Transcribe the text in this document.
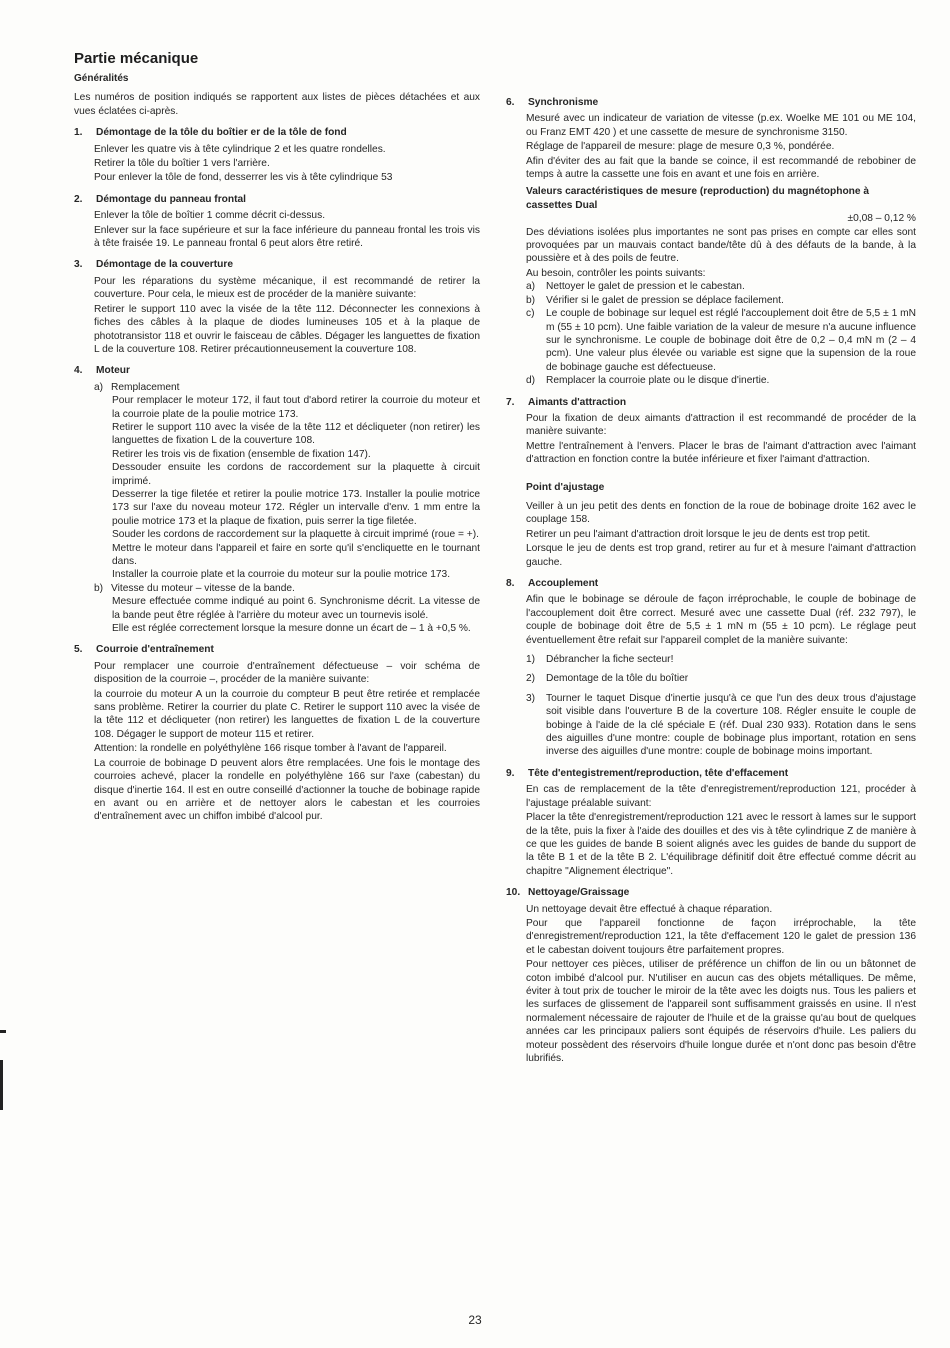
Partie mécanique
Généralités

Les numéros de position indiqués se rapportent aux listes de pièces détachées et aux vues éclatées ci-après.

1. Démontage de la tôle du boîtier er de la tôle de fond

Enlever les quatre vis à tête cylindrique 2 et les quatre rondelles.

Retirer la tôle du boîtier 1 vers l'arrière.

Pour enlever la tôle de fond, desserrer les vis à tête cylindrique 53

2. Démontage du panneau frontal

Enlever la tôle de boîtier 1 comme décrit ci-dessus.

Enlever sur la face supérieure et sur la face inférieure du panneau frontal les trois vis à tête fraisée 19. Le panneau frontal 6 peut alors être retiré.

3. Démontage de la couverture

Pour les réparations du système mécanique, il est recommandé de retirer la couverture. Pour cela, le mieux est de procéder de la manière suivante:

Retirer le support 110 avec la visée de la tête 112. Déconnecter les connexions à fiches des câbles à la plaque de diodes lumineuses 105 et à la plaque de phototransistor 118 et ouvrir le faisceau de câbles. Dégager les languettes de fixation L de la couverture 108. Retirer précautionneusement la couverture 108.

4. Moteur
a) Remplacement

Pour remplacer le moteur 172, il faut tout d'abord retirer la courroie du moteur et la courroie plate de la poulie motrice 173.

Retirer le support 110 avec la visée de la tête 112 et décliqueter (non retirer) les languettes de fixation L de la couverture 108.

Retirer les trois vis de fixation (ensemble de fixation 147).

Dessouder ensuite les cordons de raccordement sur la plaquette à circuit imprimé.

Desserrer la tige filetée et retirer la poulie motrice 173. Installer la poulie motrice 173 sur l'axe du noveau moteur 172. Régler un intervalle d'env. 1 mm entre la poulie motrice 173 et la plaque de fixation, puis serrer la tige filetée.

Souder les cordons de raccordement sur la plaquette à circuit imprimé (roue = +).

Mettre le moteur dans l'appareil et faire en sorte qu'il s'encliquette en le tournant dans.

Installer la courroie plate et la courroie du moteur sur la poulie motrice 173.

b) Vitesse du moteur – vitesse de la bande.

Mesure effectuée comme indiqué au point 6. Synchronisme décrit. La vitesse de la bande peut être réglée à l'arrière du moteur avec un tournevis isolé.

Elle est réglée correctement lorsque la mesure donne un écart de – 1 à +0,5 %.

5. Courroie d'entraînement

Pour remplacer une courroie d'entraînement défectueuse – voir schéma de disposition de la courroie –, procéder de la manière suivante:

la courroie du moteur A un la courroie du compteur B peut être retirée et remplacée sans problème. Retirer la courrier du plate C. Retirer le support 110 avec la visée de la tête 112 et décliqueter (non retirer) les languettes de fixation L de la couverture 108. Dégager le support de moteur 115 et retirer.

Attention: la rondelle en polyéthylène 166 risque tomber à l'avant de l'appareil.

La courroie de bobinage D peuvent alors être remplacées. Une fois le montage des courroies achevé, placer la rondelle en polyéthylène 166 sur l'axe (cabestan) du disque d'inertie 164. Il est en outre conseillé d'actionner la touche de bobinage rapide en avant ou en arrière et de nettoyer alors le cabestan et les courroies d'entraînement avec un chiffon imbibé d'alcool pur.

6. Synchronisme

Mesuré avec un indicateur de variation de vitesse (p.ex. Woelke ME 101 ou ME 104, ou Franz EMT 420 ) et une cassette de mesure de synchronisme 3150.

Réglage de l'appareil de mesure: plage de mesure 0,3 %, pondérée.

Afin d'éviter des au fait que la bande se coince, il est recommandé de rebobiner de temps à autre la cassette une fois en avant et une fois en arrière.

Valeurs caractéristiques de mesure (reproduction) du magnétophone à cassettes Dual
±0,08 – 0,12 %

Des déviations isolées plus importantes ne sont pas prises en compte car elles sont provoquées par un mauvais contact bande/tête dû à des défauts de la bande, à la poussière et à des poils de feutre.

Au besoin, contrôler les points suivants:

a)	Nettoyer le galet de pression et le cabestan.
b)	Vérifier si le galet de pression se déplace facilement.
c)	Le couple de bobinage sur lequel est réglé l'accouplement doit être de 5,5 ± 1 mN m (55 ± 10 pcm). Une faible variation de la valeur de mesure n'a aucune influence sur le synchronisme. Le couple de bobinage doit être de 0,2 – 0,4 mN m (2 – 4 pcm). Une valeur plus élevée ou variable est signe que la supension de la roue de bobinage gauche est défectueuse.
d)	Remplacer la courroie plate ou le disque d'inertie.
7. Aimants d'attraction

Pour la fixation de deux aimants d'attraction il est recommandé de procéder de la manière suivante:

Mettre l'entraînement à l'envers. Placer le bras de l'aimant d'attraction avec l'aimant d'attraction en fonction contre la butée inférieure et fixer l'aimant d'attraction.

Point d'ajustage

Veiller à un jeu petit des dents en fonction de la roue de bobinage droite 162 avec le couplage 158.

Retirer un peu l'aimant d'attraction droit lorsque le jeu de dents est trop petit.

Lorsque le jeu de dents est trop grand, retirer au fur et à mesure l'aimant d'attraction gauche.

8. Accouplement

Afin que le bobinage se déroule de façon irréprochable, le couple de bobinage de l'accouplement doit être correct. Mesuré avec une cassette Dual (réf. 232 797), le couple de bobinage doit être de 5,5 ± 1 mN m (55 ± 10 pcm). Le réglage peut éventuellement être refait sur l'appareil complet de la manière suivante:

1)	Débrancher la fiche secteur!
2)	Demontage de la tôle du boîtier
3)	Tourner le taquet Disque d'inertie jusqu'à ce que l'un des deux trous d'ajustage soit visible dans l'ouverture B de la coverture 108. Régler ensuite le couple de bobinge à l'aide de la clé spéciale E (réf. Dual 230 933). Rotation dans le sens des aiguilles d'une montre: couple de bobinage plus important, rotation en sens inverse des aiguilles d'une montre: couple de bobinage moins important.
9. Tête d'entegistrement/reproduction, tête d'effacement

En cas de remplacement de la tête d'enregistrement/reproduction 121, procéder à l'ajustage préalable suivant:

Placer la tête d'enregistrement/reproduction 121 avec le ressort à lames sur le support de la tête, puis la fixer à l'aide des douilles et des vis à tête cylindrique Z de manière à ce que les guides de bande B soient alignés avec les guides de bande du support de la tête B 1 et de la tête B 2. L'équilibrage définitif doit être effectué comme décrit au chapitre "Alignement électrique".

10. Nettoyage/Graissage

Un nettoyage devait être effectué à chaque réparation.

Pour que l'appareil fonctionne de façon irréprochable, la tête d'enregistrement/reproduction 121, la tête d'effacement 120 le galet de pression 136 et le cabestan doivent toujours être parfaitement propres.

Pour nettoyer ces pièces, utiliser de préférence un chiffon de lin ou un bâtonnet de coton imbibé d'alcool pur. N'utiliser en aucun cas des objets métalliques. De même, éviter à tout prix de toucher le miroir de la tête avec les doigts nus. Tous les paliers et les surfaces de glissement de l'appareil sont suffisamment graissés en usine. Il n'est normalement nécessaire de rajouter de l'huile et de la graisse qu'au bout de quelques années car les principaux paliers sont équipés de réservoirs d'huile. Les paliers du moteur possèdent des réservoirs d'huile longue durée et n'ont donc pas besoin d'être lubrifiés.

23
